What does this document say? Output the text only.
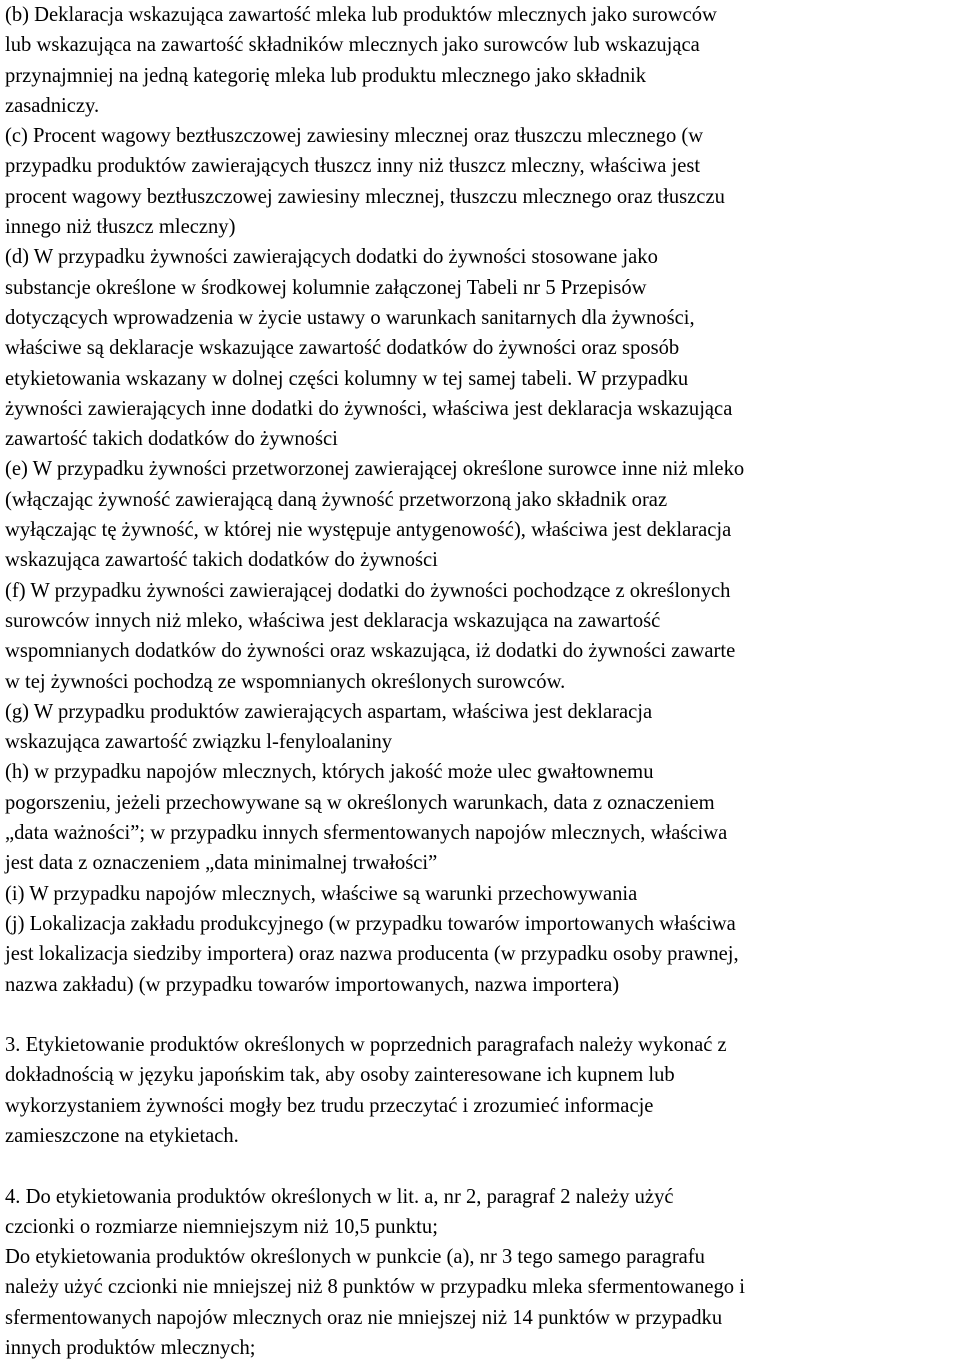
(b) Deklaracja wskazująca zawartość mleka lub produktów mlecznych jako surowców
lub wskazująca na zawartość składników mlecznych jako surowców lub wskazująca
przynajmniej na jedną kategorię mleka lub produktu mlecznego jako składnik
zasadniczy.
(c) Procent wagowy beztłuszczowej zawiesiny mlecznej oraz tłuszczu mlecznego (w
przypadku produktów zawierających tłuszcz inny niż tłuszcz mleczny, właściwa jest
procent wagowy beztłuszczowej zawiesiny mlecznej, tłuszczu mlecznego oraz tłuszczu
innego niż tłuszcz mleczny)
(d) W przypadku żywności zawierających dodatki do żywności stosowane jako
substancje określone w środkowej kolumnie załączonej Tabeli nr 5 Przepisów
dotyczących wprowadzenia w życie ustawy o warunkach sanitarnych dla żywności,
właściwe są deklaracje wskazujące zawartość dodatków do żywności oraz sposób
etykietowania wskazany w dolnej części kolumny w tej samej tabeli. W przypadku
żywności zawierających inne dodatki do żywności, właściwa jest deklaracja wskazująca
zawartość takich dodatków do żywności
(e) W przypadku żywności przetworzonej zawierającej określone surowce inne niż mleko
(włączając żywność zawierającą daną żywność przetworzoną jako składnik oraz
wyłączając tę żywność, w której nie występuje antygenowość), właściwa jest deklaracja
wskazująca zawartość takich dodatków do żywności
(f) W przypadku żywności zawierającej dodatki do żywności pochodzące z określonych
surowców innych niż mleko, właściwa jest deklaracja wskazująca na zawartość
wspomnianych dodatków do żywności oraz wskazująca, iż dodatki do żywności zawarte
w tej żywności pochodzą ze wspomnianych określonych surowców.
(g) W przypadku produktów zawierających aspartam, właściwa jest deklaracja
wskazująca zawartość związku l-fenyloalaniny
(h) w przypadku napojów mlecznych, których jakość może ulec gwałtownemu
pogorszeniu, jeżeli przechowywane są w określonych warunkach, data z oznaczeniem
„data ważności”; w przypadku innych sfermentowanych napojów mlecznych, właściwa
jest data z oznaczeniem „data minimalnej trwałości”
(i) W przypadku napojów mlecznych, właściwe są warunki przechowywania
(j) Lokalizacja zakładu produkcyjnego (w przypadku towarów importowanych właściwa
jest lokalizacja siedziby importera) oraz nazwa producenta (w przypadku osoby prawnej,
nazwa zakładu) (w przypadku towarów importowanych, nazwa importera)
3. Etykietowanie produktów określonych w poprzednich paragrafach należy wykonać z
dokładnością w języku japońskim tak, aby osoby zainteresowane ich kupnem lub
wykorzystaniem żywności mogły bez trudu przeczytać i zrozumieć informacje
zamieszczone na etykietach.
4. Do etykietowania produktów określonych w lit. a, nr 2, paragraf 2 należy użyć
czcionki o rozmiarze niemniejszym niż 10,5 punktu;
Do etykietowania produktów określonych w punkcie (a), nr 3 tego samego paragrafu
należy użyć czcionki nie mniejszej niż 8 punktów w przypadku mleka sfermentowanego i
sfermentowanych napojów mlecznych oraz nie mniejszej niż 14 punktów w przypadku
innych produktów mlecznych;
